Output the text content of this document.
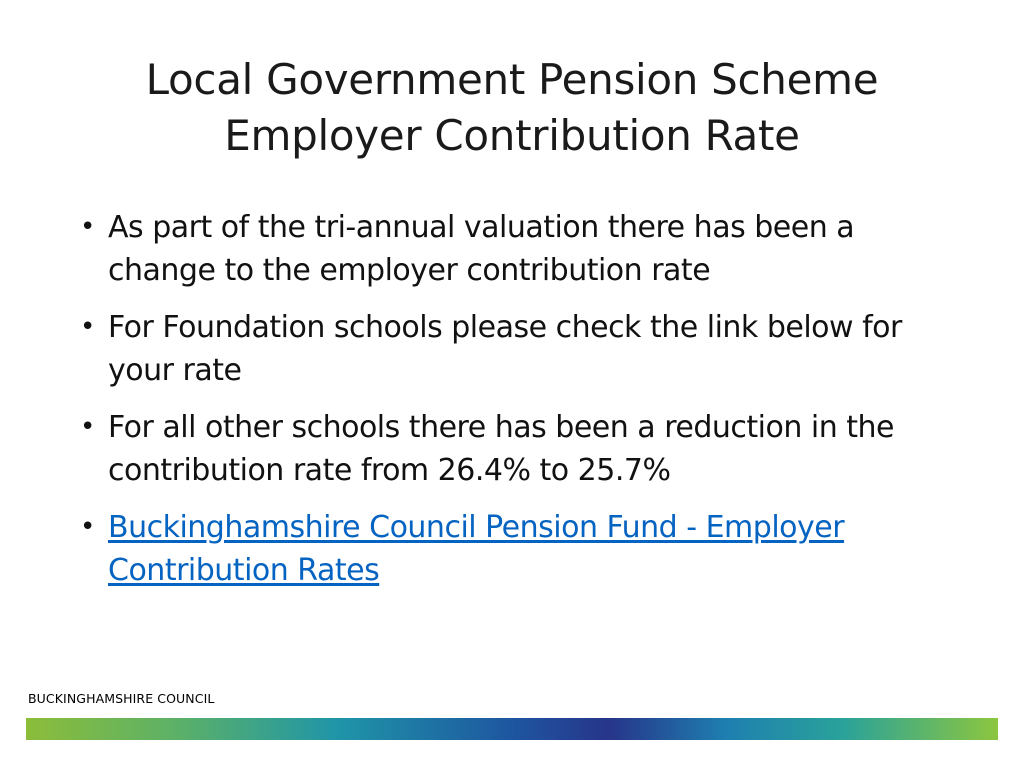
Local Government Pension Scheme
Employer Contribution Rate
• As part of the tri-annual valuation there has been a change to the employer contribution rate
• For Foundation schools please check the link below for your rate
• For all other schools there has been a reduction in the contribution rate from 26.4% to 25.7%
• Buckinghamshire Council Pension Fund - Employer Contribution Rates
BUCKINGHAMSHIRE COUNCIL
